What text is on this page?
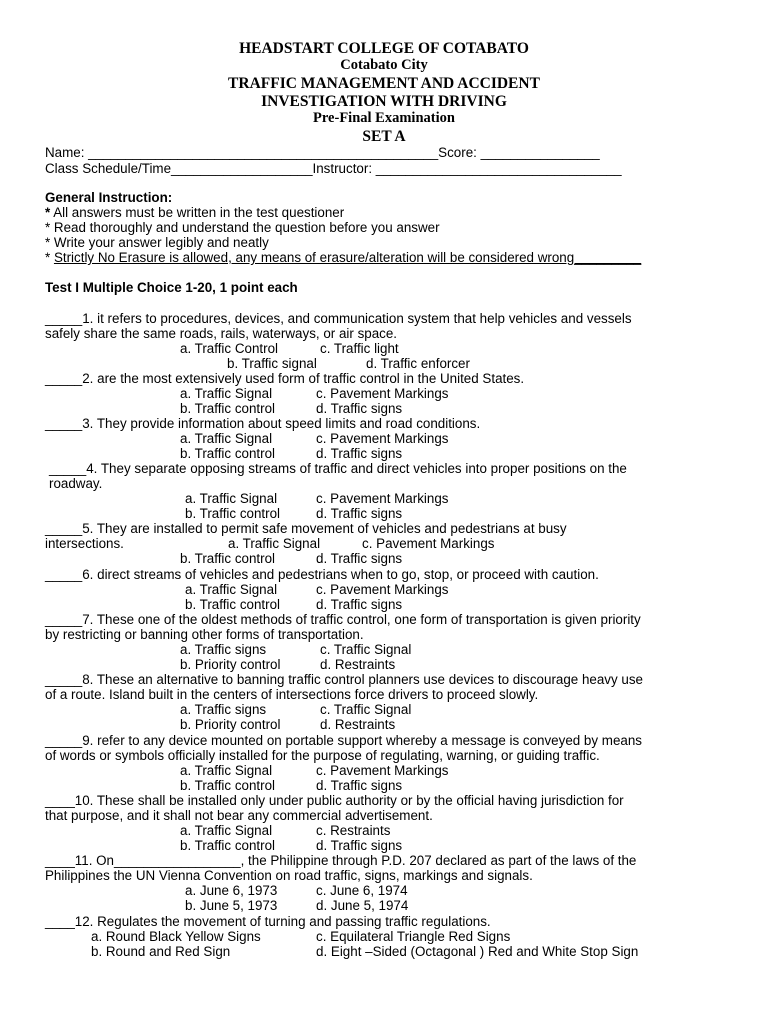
HEADSTART COLLEGE OF COTABATO
Cotabato City
TRAFFIC MANAGEMENT AND ACCIDENT
INVESTIGATION WITH DRIVING
Pre-Final Examination
SET A
Name: _______________________________________________Score: ________________
Class Schedule/Time___________________Instructor: _________________________________
General Instruction:
* All answers must be written in the test questioner
* Read thoroughly and understand the question before you answer
* Write your answer legibly and neatly
* Strictly No Erasure is allowed, any means of erasure/alteration will be considered wrong_________
Test I Multiple Choice 1-20, 1 point each
_____1. it refers to procedures, devices, and communication system that help vehicles and vessels
safely share the same roads, rails, waterways, or air space.
a. Traffic Control	c. Traffic light
b. Traffic signal	d. Traffic enforcer
_____2. are the most extensively used form of traffic control in the United States.
a. Traffic Signal	c. Pavement Markings
b. Traffic control	d. Traffic signs
_____3. They provide information about speed limits and road conditions.
a. Traffic Signal	c. Pavement Markings
b. Traffic control	d. Traffic signs
_____4. They separate opposing streams of traffic and direct vehicles into proper positions on the
roadway.
a. Traffic Signal	c. Pavement Markings
b. Traffic control	d. Traffic signs
_____5. They are installed to permit safe movement of vehicles and pedestrians at busy
intersections.	a. Traffic Signal	c. Pavement Markings
b. Traffic control	d. Traffic signs
_____6. direct streams of vehicles and pedestrians when to go, stop, or proceed with caution.
a. Traffic Signal	c. Pavement Markings
b. Traffic control	d. Traffic signs
_____7. These one of the oldest methods of traffic control, one form of transportation is given priority
by restricting or banning other forms of transportation.
a. Traffic signs	c. Traffic Signal
b. Priority control	d. Restraints
_____8. These an alternative to banning traffic control planners use devices to discourage heavy use
of a route. Island built in the centers of intersections force drivers to proceed slowly.
a. Traffic signs	c. Traffic Signal
b. Priority control	d. Restraints
_____9. refer to any device mounted on portable support whereby a message is conveyed by means
of words or symbols officially installed for the purpose of regulating, warning, or guiding traffic.
a. Traffic Signal	c. Pavement Markings
b. Traffic control	d. Traffic signs
____10. These shall be installed only under public authority or by the official having jurisdiction for
that purpose, and it shall not bear any commercial advertisement.
a. Traffic Signal	c. Restraints
b. Traffic control	d. Traffic signs
____11. On_________________, the Philippine through P.D. 207 declared as part of the laws of the
Philippines the UN Vienna Convention on road traffic, signs, markings and signals.
a. June 6, 1973	c. June 6, 1974
b. June 5, 1973	d. June 5, 1974
____12. Regulates the movement of turning and passing traffic regulations.
a. Round Black Yellow Signs	c. Equilateral Triangle Red Signs
b. Round and Red Sign	d. Eight –Sided (Octagonal ) Red and White Stop Sign
